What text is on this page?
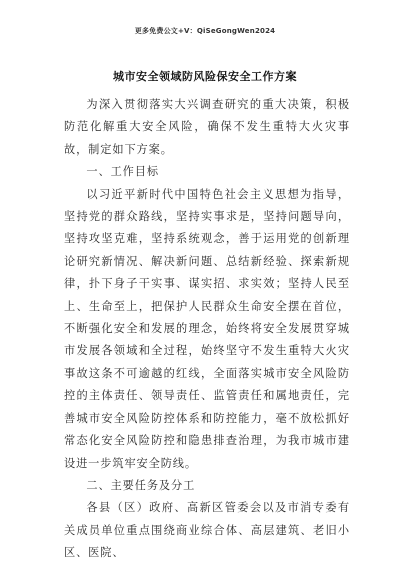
更多免费公文+V：QiSeGongWen2024
城市安全领域防风险保安全工作方案

为深入贯彻落实大兴调查研究的重大决策，积极防范化解重大安全风险，确保不发生重特大火灾事故，制定如下方案。

一、工作目标

以习近平新时代中国特色社会主义思想为指导，坚持党的群众路线，坚持实事求是，坚持问题导向，坚持攻坚克难，坚持系统观念，善于运用党的创新理论研究新情况、解决新问题、总结新经验、探索新规律，扑下身子干实事、谋实招、求实效；坚持人民至上、生命至上，把保护人民群众生命安全摆在首位，不断强化安全和发展的理念，始终将安全发展贯穿城市发展各领域和全过程，始终坚守不发生重特大火灾事故这条不可逾越的红线，全面落实城市安全风险防控的主体责任、领导责任、监管责任和属地责任，完善城市安全风险防控体系和防控能力，毫不放松抓好常态化安全风险防控和隐患排查治理，为我市城市建设进一步筑牢安全防线。

二、主要任务及分工

各县（区）政府、高新区管委会以及市消专委有关成员单位重点围绕商业综合体、高层建筑、老旧小区、医院、
